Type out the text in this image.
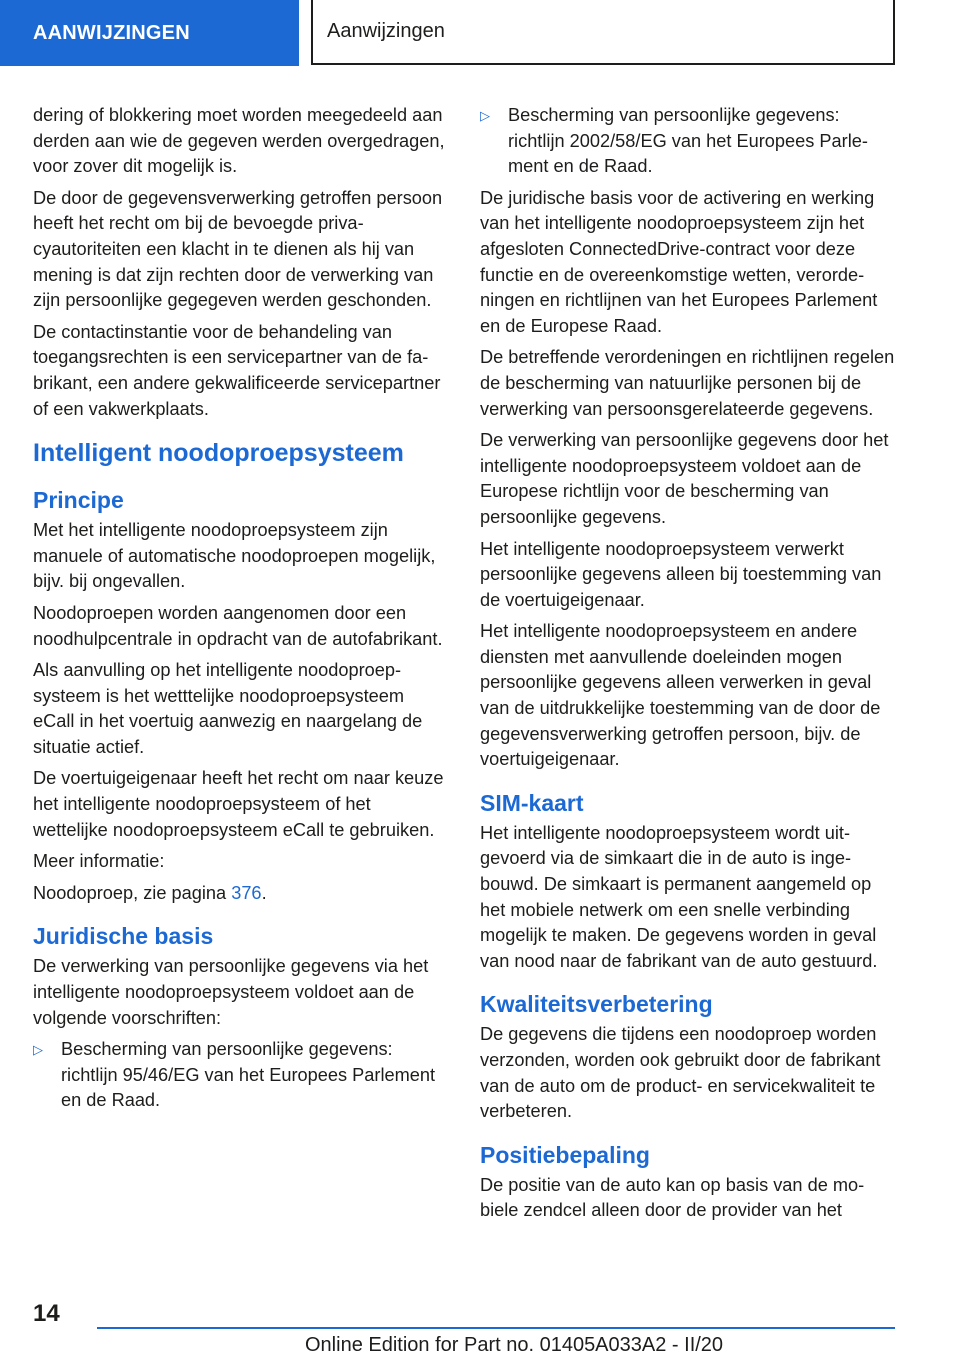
AANWIJZINGEN	Aanwijzingen

dering of blokkering moet worden meegedeeld aan derden aan wie de gegeven werden overgedragen, voor zover dit mogelijk is.

De door de gegevensverwerking getroffen persoon heeft het recht om bij de bevoegde privacyautoriteiten een klacht in te dienen als hij van mening is dat zijn rechten door de verwerking van zijn persoonlijke gegegeven werden geschonden.

De contactinstantie voor de behandeling van toegangsrechten is een servicepartner van de fabrikant, een andere gekwalificeerde servicepartner of een vakwerkplaats.

Intelligent noodoproepsysteem
Principe

Met het intelligente noodoproepsysteem zijn manuele of automatische noodoproepen mogelijk, bijv. bij ongevallen.

Noodoproepen worden aangenomen door een noodhulpcentrale in opdracht van de autofabrikant.

Als aanvulling op het intelligente noodoproepsysteem is het wetttelijke noodoproepsysteem eCall in het voertuig aanwezig en naargelang de situatie actief.

De voertuigeigenaar heeft het recht om naar keuze het intelligente noodoproepsysteem of het wettelijke noodoproepsysteem eCall te gebruiken.

Meer informatie:

Noodoproep, zie pagina 376.

Juridische basis

De verwerking van persoonlijke gegevens via het intelligente noodoproepsysteem voldoet aan de volgende voorschriften:

▷ Bescherming van persoonlijke gegevens: richtlijn 95/46/EG van het Europees Parlement en de Raad.

▷ Bescherming van persoonlijke gegevens: richtlijn 2002/58/EG van het Europees Parlement en de Raad.

De juridische basis voor de activering en werking van het intelligente noodoproepsysteem zijn het afgesloten ConnectedDrive-contract voor deze functie en de overeenkomstige wetten, verordeningen en richtlijnen van het Europees Parlement en de Europese Raad.

De betreffende verordeningen en richtlijnen regelen de bescherming van natuurlijke personen bij de verwerking van persoonsgerelateerde gegevens.

De verwerking van persoonlijke gegevens door het intelligente noodoproepsysteem voldoet aan de Europese richtlijn voor de bescherming van persoonlijke gegevens.

Het intelligente noodoproepsysteem verwerkt persoonlijke gegevens alleen bij toestemming van de voertuigeigenaar.

Het intelligente noodoproepsysteem en andere diensten met aanvullende doeleinden mogen persoonlijke gegevens alleen verwerken in geval van de uitdrukkelijke toestemming van de door de gegevensverwerking getroffen persoon, bijv. de voertuigeigenaar.

SIM-kaart

Het intelligente noodoproepsysteem wordt uitgevoerd via de simkaart die in de auto is ingebouwd. De simkaart is permanent aangemeld op het mobiele netwerk om een snelle verbinding mogelijk te maken. De gegevens worden in geval van nood naar de fabrikant van de auto gestuurd.

Kwaliteitsverbetering

De gegevens die tijdens een noodoproep worden verzonden, worden ook gebruikt door de fabrikant van de auto om de product- en servicekwaliteit te verbeteren.

Positiebepaling

De positie van de auto kan op basis van de mobiele zendcel alleen door de provider van het

14
Online Edition for Part no. 01405A033A2 - II/20
